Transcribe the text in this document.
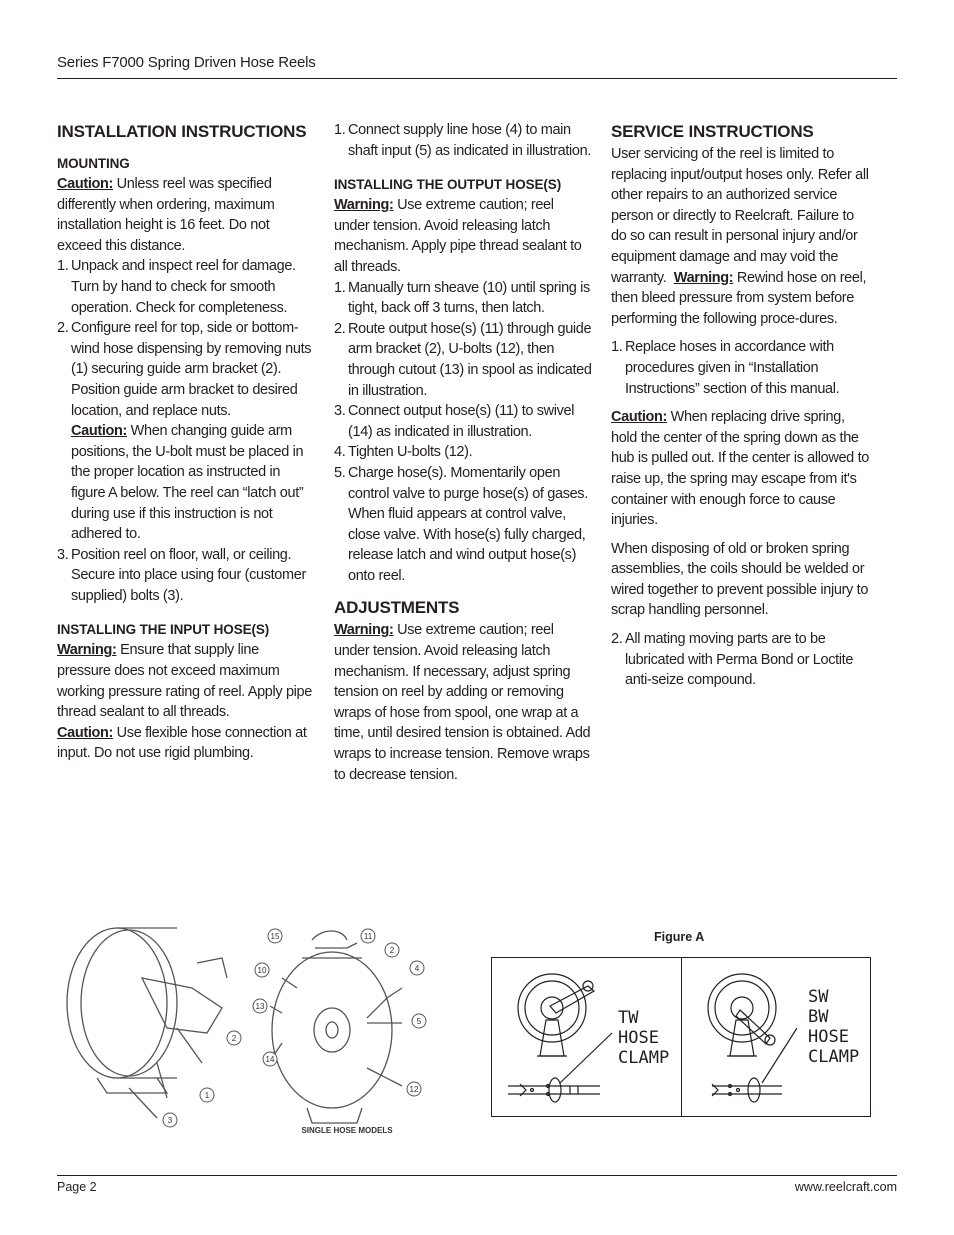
Series F7000 Spring Driven Hose Reels
INSTALLATION INSTRUCTIONS
MOUNTING

Caution: Unless reel was specified differently when ordering, maximum installation height is 16 feet. Do not exceed this distance.

1. Unpack and inspect reel for damage. Turn by hand to check for smooth operation. Check for completeness.
2. Configure reel for top, side or bottom-wind hose dispensing by removing nuts (1) securing guide arm bracket (2). Position guide arm bracket to desired location, and replace nuts.

Caution: When changing guide arm positions, the U-bolt must be placed in the proper location as instructed in figure A below. The reel can “latch out” during use if this instruction is not adhered to.

3. Position reel on floor, wall, or ceiling. Secure into place using four (customer supplied) bolts (3).
INSTALLING THE INPUT HOSE(S)

Warning: Ensure that supply line pressure does not exceed maximum working pressure rating of reel. Apply pipe thread sealant to all threads.

Caution: Use flexible hose connection at input. Do not use rigid plumbing.

1. Connect supply line hose (4) to main shaft input (5) as indicated in illustration.
INSTALLING THE OUTPUT HOSE(S)

Warning: Use extreme caution; reel under tension. Avoid releasing latch mechanism. Apply pipe thread sealant to all threads.

1. Manually turn sheave (10) until spring is tight, back off 3 turns, then latch.
2. Route output hose(s) (11) through guide arm bracket (2), U-bolts (12), then through cutout (13) in spool as indicated in illustration.
3. Connect output hose(s) (11) to swivel (14) as indicated in illustration.
4. Tighten U-bolts (12).
5. Charge hose(s). Momentarily open control valve to purge hose(s) of gases. When fluid appears at control valve, close valve. With hose(s) fully charged, release latch and wind output hose(s) onto reel.
ADJUSTMENTS

Warning: Use extreme caution; reel under tension. Avoid releasing latch mechanism. If necessary, adjust spring tension on reel by adding or removing wraps of hose from spool, one wrap at a time, until desired tension is obtained. Add wraps to increase tension. Remove wraps to decrease tension.

SERVICE INSTRUCTIONS

User servicing of the reel is limited to replacing input/output hoses only. Refer all other repairs to an authorized service person or directly to Reelcraft. Failure to do so can result in personal injury and/or equipment damage and may void the warranty. Warning: Rewind hose on reel, then bleed pressure from system before performing the following proce-dures.

1. Replace hoses in accordance with procedures given in “Installation Instructions” section of this manual.

Caution: When replacing drive spring, hold the center of the spring down as the hub is pulled out. If the center is allowed to raise up, the spring may escape from it's container with enough force to cause injuries.

When disposing of old or broken spring assemblies, the coils should be welded or wired together to prevent possible injury to scrap handling personnel.

2. All mating moving parts are to be lubricated with Perma Bond or Loctite anti-seize compound.
15	11
2
4
10
13
5
2
14
1
12
3
SINGLE HOSE MODELS
Figure A
TW
HOSE
CLAMP
SW
BW
HOSE
CLAMP
Page 2	www.reelcraft.com
